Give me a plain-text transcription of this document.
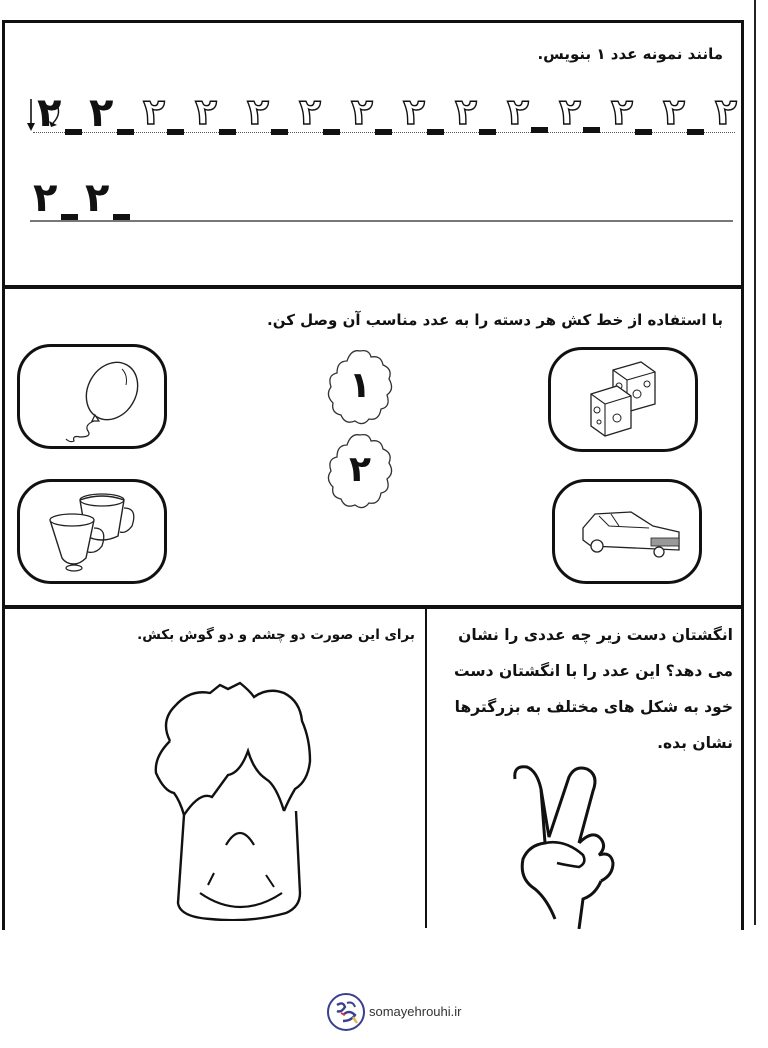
مانند نمونه عدد ۱ بنویس.
۲ ۲ ۲ ۲ ۲ ۲ ۲ ۲ ۲ ۲ ۲ ۲ ۲ ۲
۲ ۲
با استفاده از خط کش هر دسته را به عدد مناسب آن وصل کن.
۱
۲
برای این صورت دو چشم و دو گوش بکش.	انگشتان دست زیر چه عددی را نشان می دهد؟ این عدد را با انگشتان دست خود به شکل های مختلف به بزرگترها نشان بده.
somayehrouhi.ir
